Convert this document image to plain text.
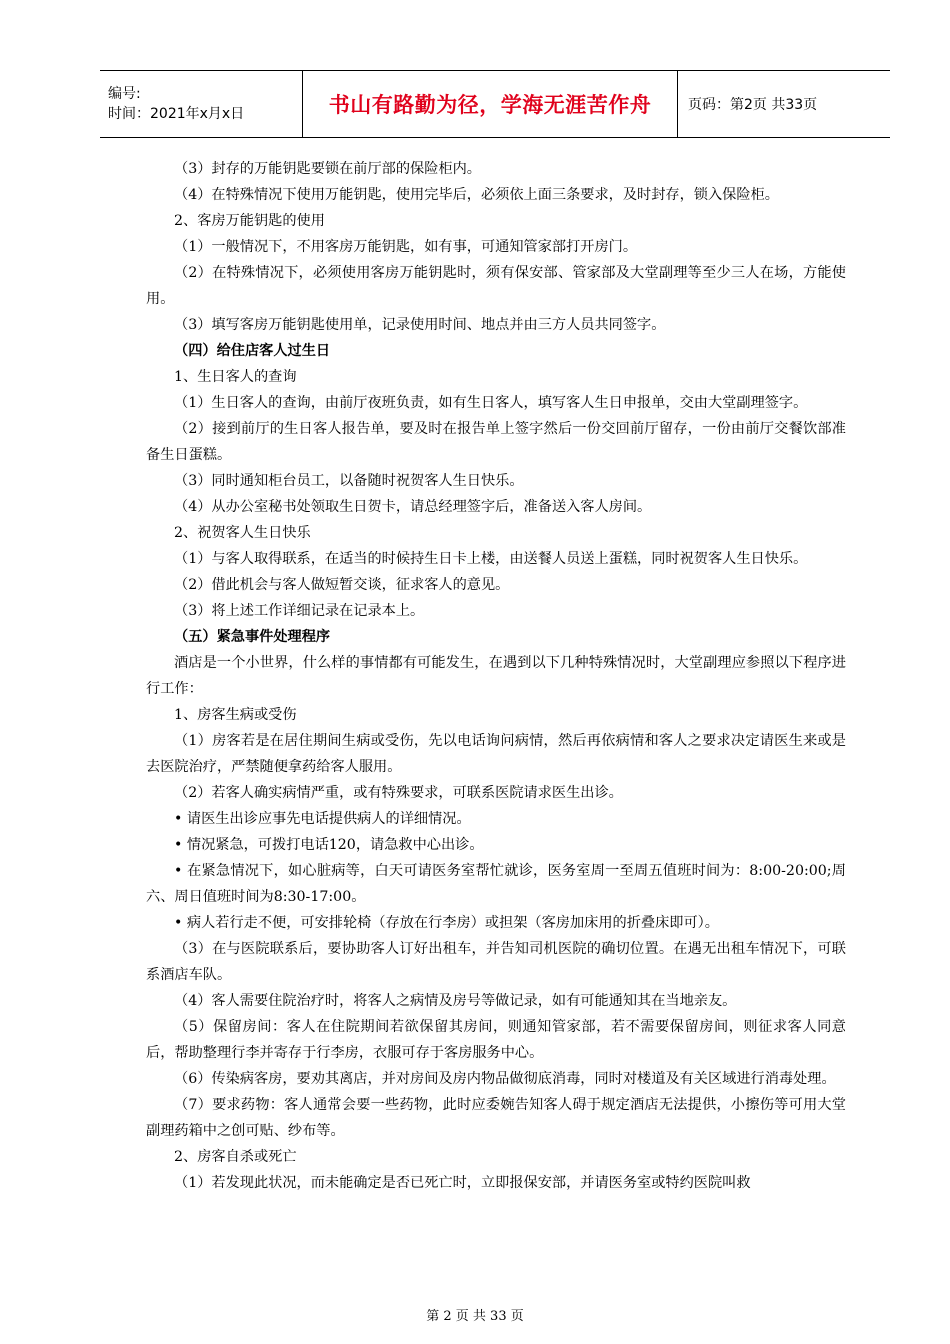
编号:
时间：2021年x月x日	书山有路勤为径，学海无涯苦作舟	页码：第2页 共33页

（3）封存的万能钥匙要锁在前厅部的保险柜内。

（4）在特殊情况下使用万能钥匙，使用完毕后，必须依上面三条要求，及时封存，锁入保险柜。

2、客房万能钥匙的使用

（1）一般情况下，不用客房万能钥匙，如有事，可通知管家部打开房门。

（2）在特殊情况下，必须使用客房万能钥匙时，须有保安部、管家部及大堂副理等至少三人在场，方能使用。

（3）填写客房万能钥匙使用单，记录使用时间、地点并由三方人员共同签字。

（四）给住店客人过生日

1、生日客人的查询

（1）生日客人的查询，由前厅夜班负责，如有生日客人，填写客人生日申报单，交由大堂副理签字。

（2）接到前厅的生日客人报告单，要及时在报告单上签字然后一份交回前厅留存，一份由前厅交餐饮部准备生日蛋糕。

（3）同时通知柜台员工，以备随时祝贺客人生日快乐。

（4）从办公室秘书处领取生日贺卡，请总经理签字后，准备送入客人房间。

2、祝贺客人生日快乐

（1）与客人取得联系，在适当的时候持生日卡上楼，由送餐人员送上蛋糕，同时祝贺客人生日快乐。

（2）借此机会与客人做短暂交谈，征求客人的意见。

（3）将上述工作详细记录在记录本上。

（五）紧急事件处理程序

酒店是一个小世界，什么样的事情都有可能发生，在遇到以下几种特殊情况时，大堂副理应参照以下程序进行工作：

1、房客生病或受伤

（1）房客若是在居住期间生病或受伤，先以电话询问病情，然后再依病情和客人之要求决定请医生来或是去医院治疗，严禁随便拿药给客人服用。

（2）若客人确实病情严重，或有特殊要求，可联系医院请求医生出诊。

• 请医生出诊应事先电话提供病人的详细情况。

• 情况紧急，可拨打电话120，请急救中心出诊。

• 在紧急情况下，如心脏病等，白天可请医务室帮忙就诊，医务室周一至周五值班时间为：8:00-20:00;周六、周日值班时间为8:30-17:00。

• 病人若行走不便，可安排轮椅（存放在行李房）或担架（客房加床用的折叠床即可）。

（3）在与医院联系后，要协助客人订好出租车，并告知司机医院的确切位置。在遇无出租车情况下，可联系酒店车队。

（4）客人需要住院治疗时，将客人之病情及房号等做记录，如有可能通知其在当地亲友。

（5）保留房间：客人在住院期间若欲保留其房间，则通知管家部，若不需要保留房间，则征求客人同意后，帮助整理行李并寄存于行李房，衣服可存于客房服务中心。

（6）传染病客房，要劝其离店，并对房间及房内物品做彻底消毒，同时对楼道及有关区域进行消毒处理。

（7）要求药物：客人通常会要一些药物，此时应委婉告知客人碍于规定酒店无法提供，小擦伤等可用大堂副理药箱中之创可贴、纱布等。

2、房客自杀或死亡

（1）若发现此状况，而未能确定是否已死亡时，立即报保安部，并请医务室或特约医院叫救

第 2 页 共 33 页
